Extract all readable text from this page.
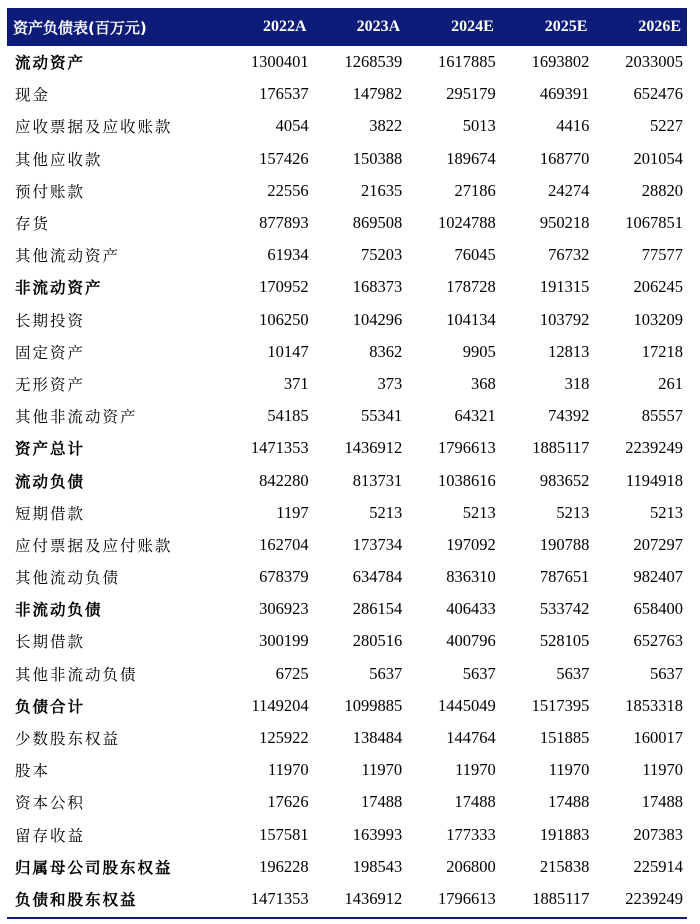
资产负债表(百万元)	2022A	2023A	2024E	2025E	2026E
流动资产	1300401	1268539	1617885	1693802	2033005
现金	176537	147982	295179	469391	652476
应收票据及应收账款	4054	3822	5013	4416	5227
其他应收款	157426	150388	189674	168770	201054
预付账款	22556	21635	27186	24274	28820
存货	877893	869508	1024788	950218	1067851
其他流动资产	61934	75203	76045	76732	77577
非流动资产	170952	168373	178728	191315	206245
长期投资	106250	104296	104134	103792	103209
固定资产	10147	8362	9905	12813	17218
无形资产	371	373	368	318	261
其他非流动资产	54185	55341	64321	74392	85557
资产总计	1471353	1436912	1796613	1885117	2239249
流动负债	842280	813731	1038616	983652	1194918
短期借款	1197	5213	5213	5213	5213
应付票据及应付账款	162704	173734	197092	190788	207297
其他流动负债	678379	634784	836310	787651	982407
非流动负债	306923	286154	406433	533742	658400
长期借款	300199	280516	400796	528105	652763
其他非流动负债	6725	5637	5637	5637	5637
负债合计	1149204	1099885	1445049	1517395	1853318
少数股东权益	125922	138484	144764	151885	160017
股本	11970	11970	11970	11970	11970
资本公积	17626	17488	17488	17488	17488
留存收益	157581	163993	177333	191883	207383
归属母公司股东权益	196228	198543	206800	215838	225914
负债和股东权益	1471353	1436912	1796613	1885117	2239249
